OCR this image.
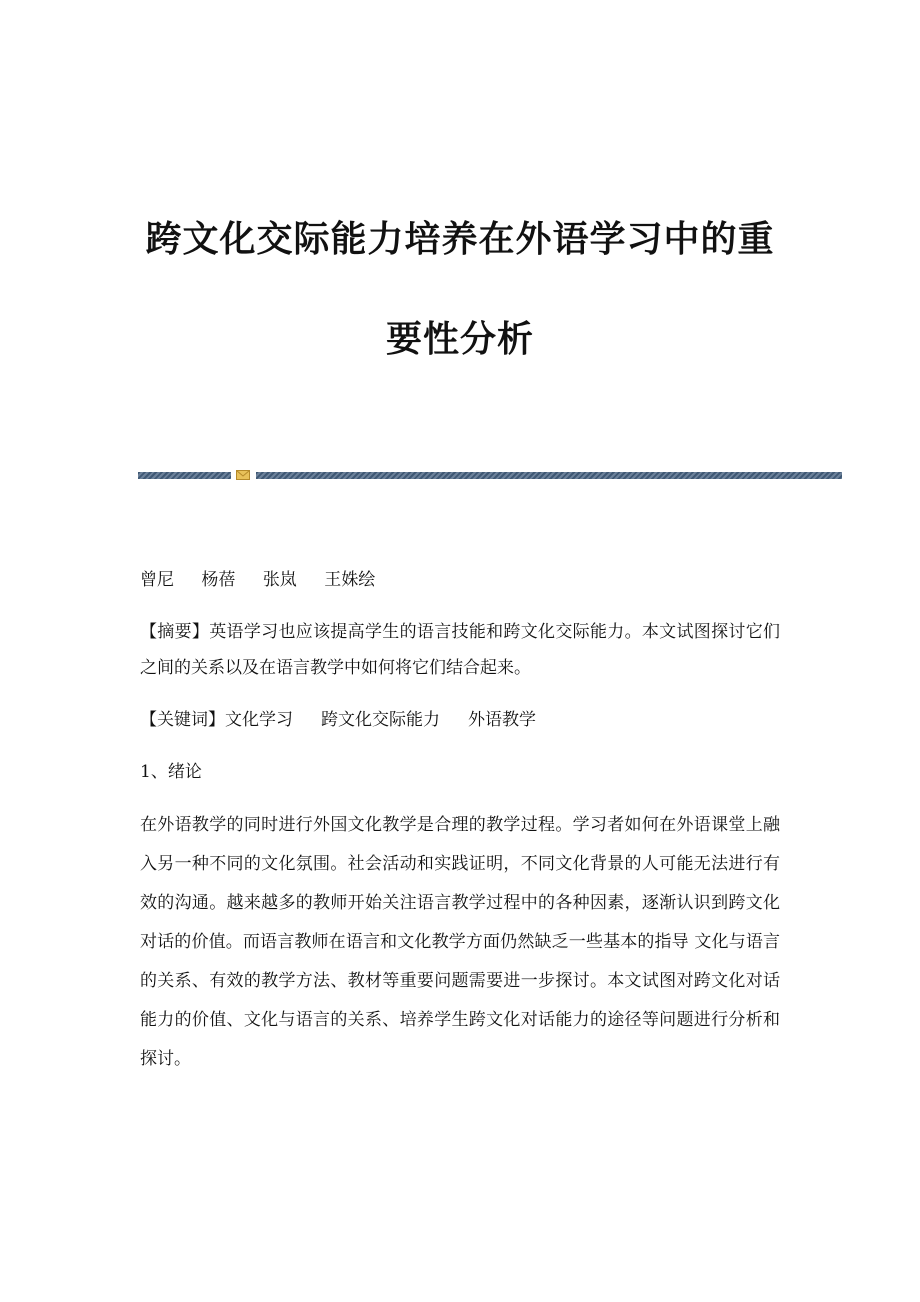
跨文化交际能力培养在外语学习中的重
要性分析

曾尼 杨蓓 张岚 王姝绘

【摘要】英语学习也应该提高学生的语言技能和跨文化交际能力。本文试图探讨它们之间的关系以及在语言教学中如何将它们结合起来。

【关键词】文化学习 跨文化交际能力 外语教学

1、绪论

在外语教学的同时进行外国文化教学是合理的教学过程。学习者如何在外语课堂上融入另一种不同的文化氛围。社会活动和实践证明，不同文化背景的人可能无法进行有效的沟通。越来越多的教师开始关注语言教学过程中的各种因素，逐渐认识到跨文化对话的价值。而语言教师在语言和文化教学方面仍然缺乏一些基本的指导 文化与语言的关系、有效的教学方法、教材等重要问题需要进一步探讨。本文试图对跨文化对话能力的价值、文化与语言的关系、培养学生跨文化对话能力的途径等问题进行分析和探讨。
